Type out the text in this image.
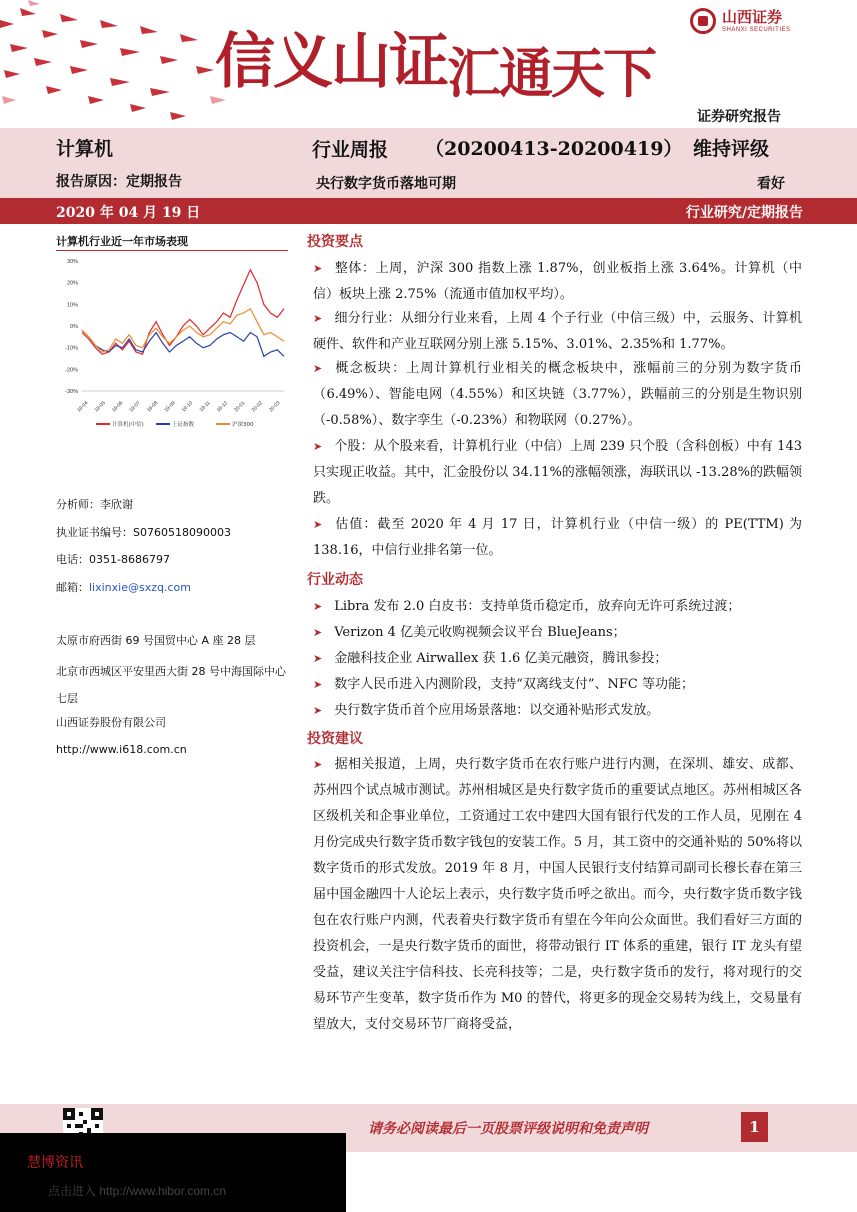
信义山证汇通天下
山西证券
SHANXI SECURITIES
证券研究报告
计算机	行业周报 （20200413-20200419） 维持评级
报告原因：定期报告	央行数字货币落地可期	看好
2020 年 04 月 19 日	行业研究/定期报告
计算机行业近一年市场表现
30%
20%
10%
0%
-10%
-20%
-30%
19-04 19-05 19-06 19-07 19-08 19-09 19-10 19-11 19-12 20-01 20-02 20-03
计算机(中信)	上证指数	沪深300
分析师：李欣谢
执业证书编号：S0760518090003
电话：0351-8686797
邮箱：lixinxie@sxzq.com
太原市府西街 69 号国贸中心 A 座 28 层
北京市西城区平安里西大街 28 号中海国际中心七层
山西证券股份有限公司
http://www.i618.com.cn
投资要点
➤ 整体：上周，沪深 300 指数上涨 1.87%，创业板指上涨 3.64%。计算机（中信）板块上涨 2.75%（流通市值加权平均）。
➤ 细分行业：从细分行业来看，上周 4 个子行业（中信三级）中，云服务、计算机硬件、软件和产业互联网分别上涨 5.15%、3.01%、2.35%和 1.77%。
➤ 概念板块：上周计算机行业相关的概念板块中，涨幅前三的分别为数字货币（6.49%）、智能电网（4.55%）和区块链（3.77%），跌幅前三的分别是生物识别（-0.58%）、数字孪生（-0.23%）和物联网（0.27%）。
➤ 个股：从个股来看，计算机行业（中信）上周 239 只个股（含科创板）中有 143 只实现正收益。其中，汇金股份以 34.11%的涨幅领涨，海联讯以 -13.28%的跌幅领跌。
➤ 估值：截至 2020 年 4 月 17 日，计算机行业（中信一级）的 PE(TTM) 为 138.16，中信行业排名第一位。
行业动态
➤ Libra 发布 2.0 白皮书：支持单货币稳定币，放弃向无许可系统过渡；
➤ Verizon 4 亿美元收购视频会议平台 BlueJeans；
➤ 金融科技企业 Airwallex 获 1.6 亿美元融资，腾讯参投；
➤ 数字人民币进入内测阶段，支持“双离线支付”、NFC 等功能；
➤ 央行数字货币首个应用场景落地：以交通补贴形式发放。
投资建议
➤ 据相关报道，上周，央行数字货币在农行账户进行内测，在深圳、雄安、成都、苏州四个试点城市测试。苏州相城区是央行数字货币的重要试点地区。苏州相城区各区级机关和企事业单位，工资通过工农中建四大国有银行代发的工作人员，见刚在 4 月份完成央行数字货币数字钱包的安装工作。5 月，其工资中的交通补贴的 50%将以数字货币的形式发放。2019 年 8 月，中国人民银行支付结算司副司长穆长春在第三届中国金融四十人论坛上表示，央行数字货币呼之欲出。而今，央行数字货币数字钱包在农行账户内测，代表着央行数字货币有望在今年向公众面世。我们看好三方面的投资机会，一是央行数字货币的面世，将带动银行 IT 体系的重建，银行 IT 龙头有望受益，建议关注宇信科技、长亮科技等；二是，央行数字货币的发行，将对现行的交易环节产生变革，数字货币作为 M0 的替代，将更多的现金交易转为线上，交易量有望放大，支付交易环节厂商将受益，
请务必阅读最后一页股票评级说明和免责声明	1
慧博资讯
点击进入 http://www.hibor.com.cn
